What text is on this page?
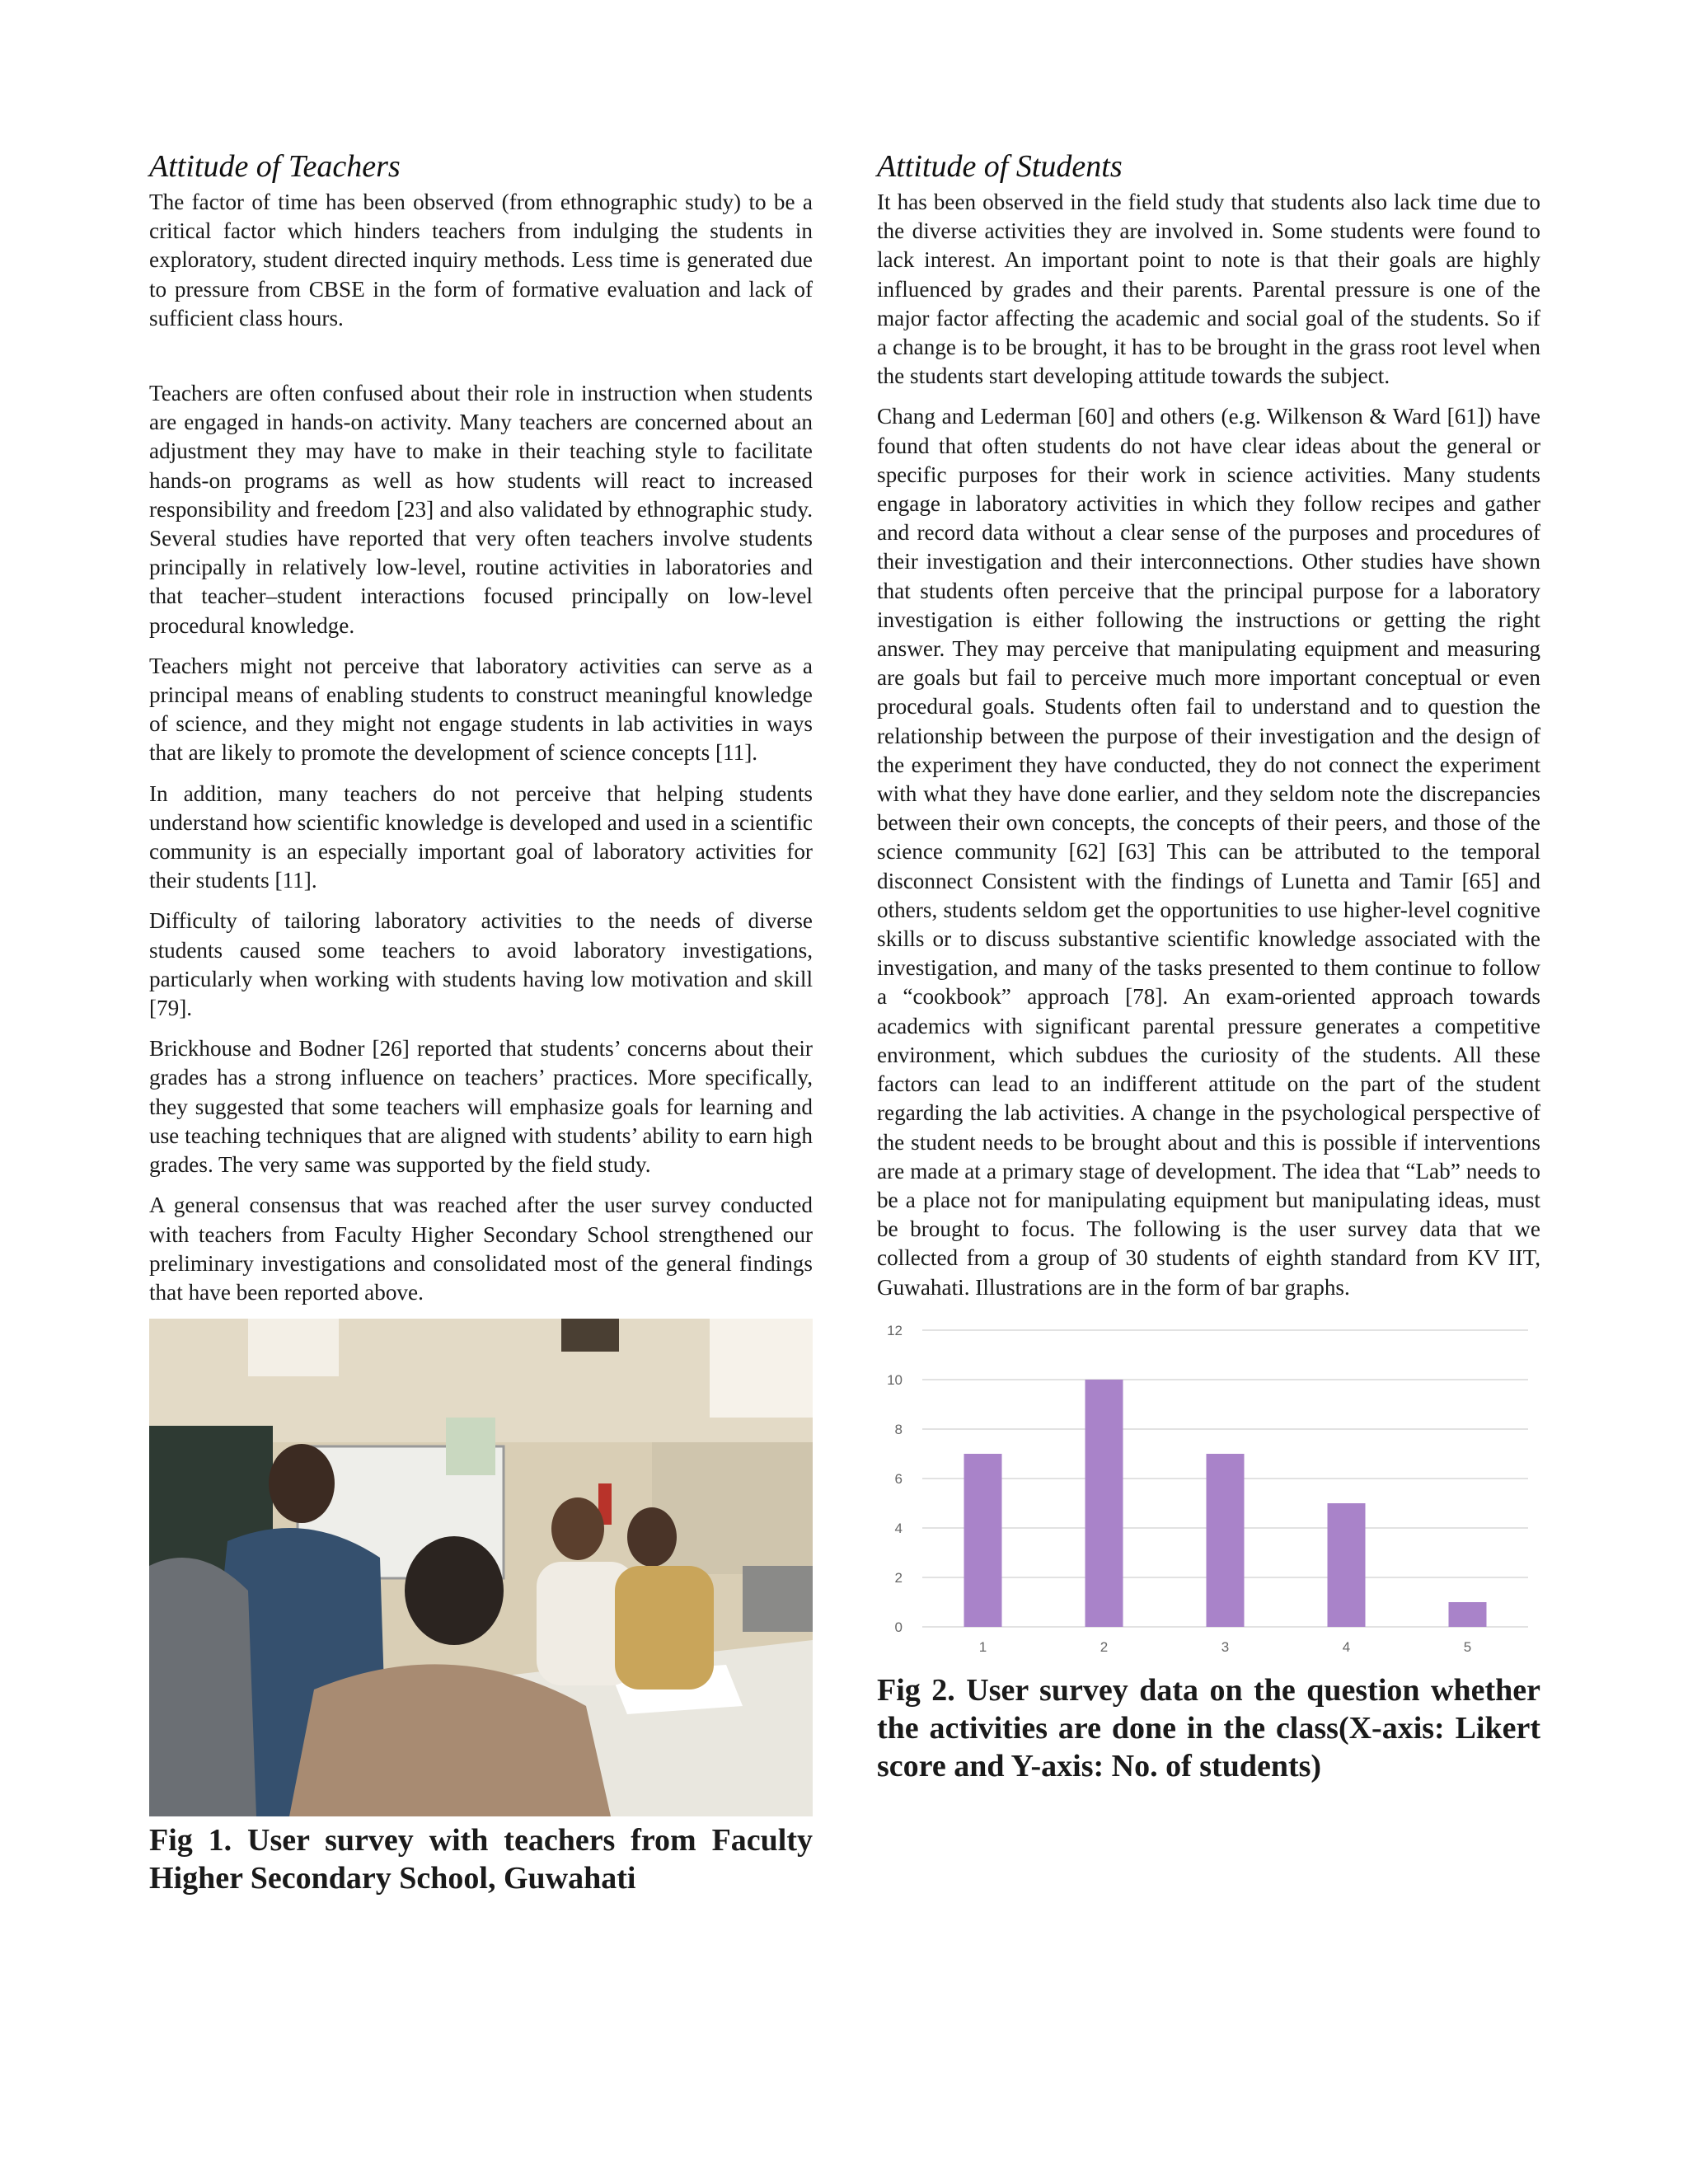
Attitude of Teachers

The factor of time has been observed (from ethnographic study) to be a critical factor which hinders teachers from indulging the students in exploratory, student directed inquiry methods. Less time is generated due to pressure from CBSE in the form of formative evaluation and lack of sufficient class hours.

Teachers are often confused about their role in instruction when students are engaged in hands-on activity. Many teachers are concerned about an adjustment they may have to make in their teaching style to facilitate hands-on programs as well as how students will react to increased responsibility and freedom [23] and also validated by ethnographic study. Several studies have reported that very often teachers involve students principally in relatively low-level, routine activities in laboratories and that teacher–student interactions focused principally on low-level procedural knowledge.

Teachers might not perceive that laboratory activities can serve as a principal means of enabling students to construct meaningful knowledge of science, and they might not engage students in lab activities in ways that are likely to promote the development of science concepts [11].

In addition, many teachers do not perceive that helping students understand how scientific knowledge is developed and used in a scientific community is an especially important goal of laboratory activities for their students [11].

Difficulty of tailoring laboratory activities to the needs of diverse students caused some teachers to avoid laboratory investigations, particularly when working with students having low motivation and skill [79].

Brickhouse and Bodner [26] reported that students’ concerns about their grades has a strong influence on teachers’ practices. More specifically, they suggested that some teachers will emphasize goals for learning and use teaching techniques that are aligned with students’ ability to earn high grades. The very same was supported by the field study.

A general consensus that was reached after the user survey conducted with teachers from Faculty Higher Secondary School strengthened our preliminary investigations and consolidated most of the general findings that have been reported above.

Fig 1. User survey with teachers from Faculty Higher Secondary School, Guwahati

Attitude of Students

It has been observed in the field study that students also lack time due to the diverse activities they are involved in. Some students were found to lack interest. An important point to note is that their goals are highly influenced by grades and their parents. Parental pressure is one of the major factor affecting the academic and social goal of the students. So if a change is to be brought, it has to be brought in the grass root level when the students start developing attitude towards the subject.

Chang and Lederman [60] and others (e.g. Wilkenson & Ward [61]) have found that often students do not have clear ideas about the general or specific purposes for their work in science activities. Many students engage in laboratory activities in which they follow recipes and gather and record data without a clear sense of the purposes and procedures of their investigation and their interconnections. Other studies have shown that students often perceive that the principal purpose for a laboratory investigation is either following the instructions or getting the right answer. They may perceive that manipulating equipment and measuring are goals but fail to perceive much more important conceptual or even procedural goals. Students often fail to understand and to question the relationship between the purpose of their investigation and the design of the experiment they have conducted, they do not connect the experiment with what they have done earlier, and they seldom note the discrepancies between their own concepts, the concepts of their peers, and those of the science community [62] [63] This can be attributed to the temporal disconnect Consistent with the findings of Lunetta and Tamir [65] and others, students seldom get the opportunities to use higher-level cognitive skills or to discuss substantive scientific knowledge associated with the investigation, and many of the tasks presented to them continue to follow a “cookbook” approach [78]. An exam-oriented approach towards academics with significant parental pressure generates a competitive environment, which subdues the curiosity of the students. All these factors can lead to an indifferent attitude on the part of the student regarding the lab activities. A change in the psychological perspective of the student needs to be brought about and this is possible if interventions are made at a primary stage of development. The idea that “Lab” needs to be a place not for manipulating equipment but manipulating ideas, must be brought to focus. The following is the user survey data that we collected from a group of 30 students of eighth standard from KV IIT, Guwahati. Illustrations are in the form of bar graphs.

0
2
4
6
8
10
12
1	2	3	4	5

Fig 2. User survey data on the question whether the activities are done in the class(X-axis: Likert score and Y-axis: No. of students)
